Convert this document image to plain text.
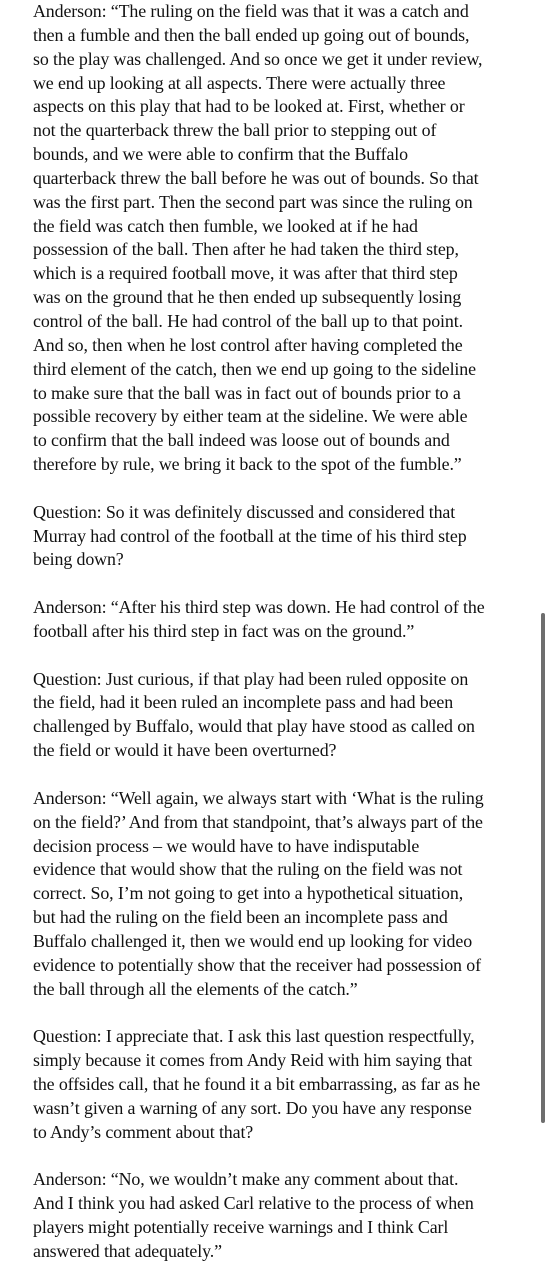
Anderson: “The ruling on the field was that it was a catch and
then a fumble and then the ball ended up going out of bounds,
so the play was challenged. And so once we get it under review,
we end up looking at all aspects. There were actually three
aspects on this play that had to be looked at. First, whether or
not the quarterback threw the ball prior to stepping out of
bounds, and we were able to confirm that the Buffalo
quarterback threw the ball before he was out of bounds. So that
was the first part. Then the second part was since the ruling on
the field was catch then fumble, we looked at if he had
possession of the ball. Then after he had taken the third step,
which is a required football move, it was after that third step
was on the ground that he then ended up subsequently losing
control of the ball. He had control of the ball up to that point.
And so, then when he lost control after having completed the
third element of the catch, then we end up going to the sideline
to make sure that the ball was in fact out of bounds prior to a
possible recovery by either team at the sideline. We were able
to confirm that the ball indeed was loose out of bounds and
therefore by rule, we bring it back to the spot of the fumble.”

Question: So it was definitely discussed and considered that
Murray had control of the football at the time of his third step
being down?

Anderson: “After his third step was down. He had control of the
football after his third step in fact was on the ground.”

Question: Just curious, if that play had been ruled opposite on
the field, had it been ruled an incomplete pass and had been
challenged by Buffalo, would that play have stood as called on
the field or would it have been overturned?

Anderson: “Well again, we always start with ‘What is the ruling
on the field?’ And from that standpoint, that’s always part of the
decision process – we would have to have indisputable
evidence that would show that the ruling on the field was not
correct. So, I’m not going to get into a hypothetical situation,
but had the ruling on the field been an incomplete pass and
Buffalo challenged it, then we would end up looking for video
evidence to potentially show that the receiver had possession of
the ball through all the elements of the catch.”

Question: I appreciate that. I ask this last question respectfully,
simply because it comes from Andy Reid with him saying that
the offsides call, that he found it a bit embarrassing, as far as he
wasn’t given a warning of any sort. Do you have any response
to Andy’s comment about that?

Anderson: “No, we wouldn’t make any comment about that.
And I think you had asked Carl relative to the process of when
players might potentially receive warnings and I think Carl
answered that adequately.”
